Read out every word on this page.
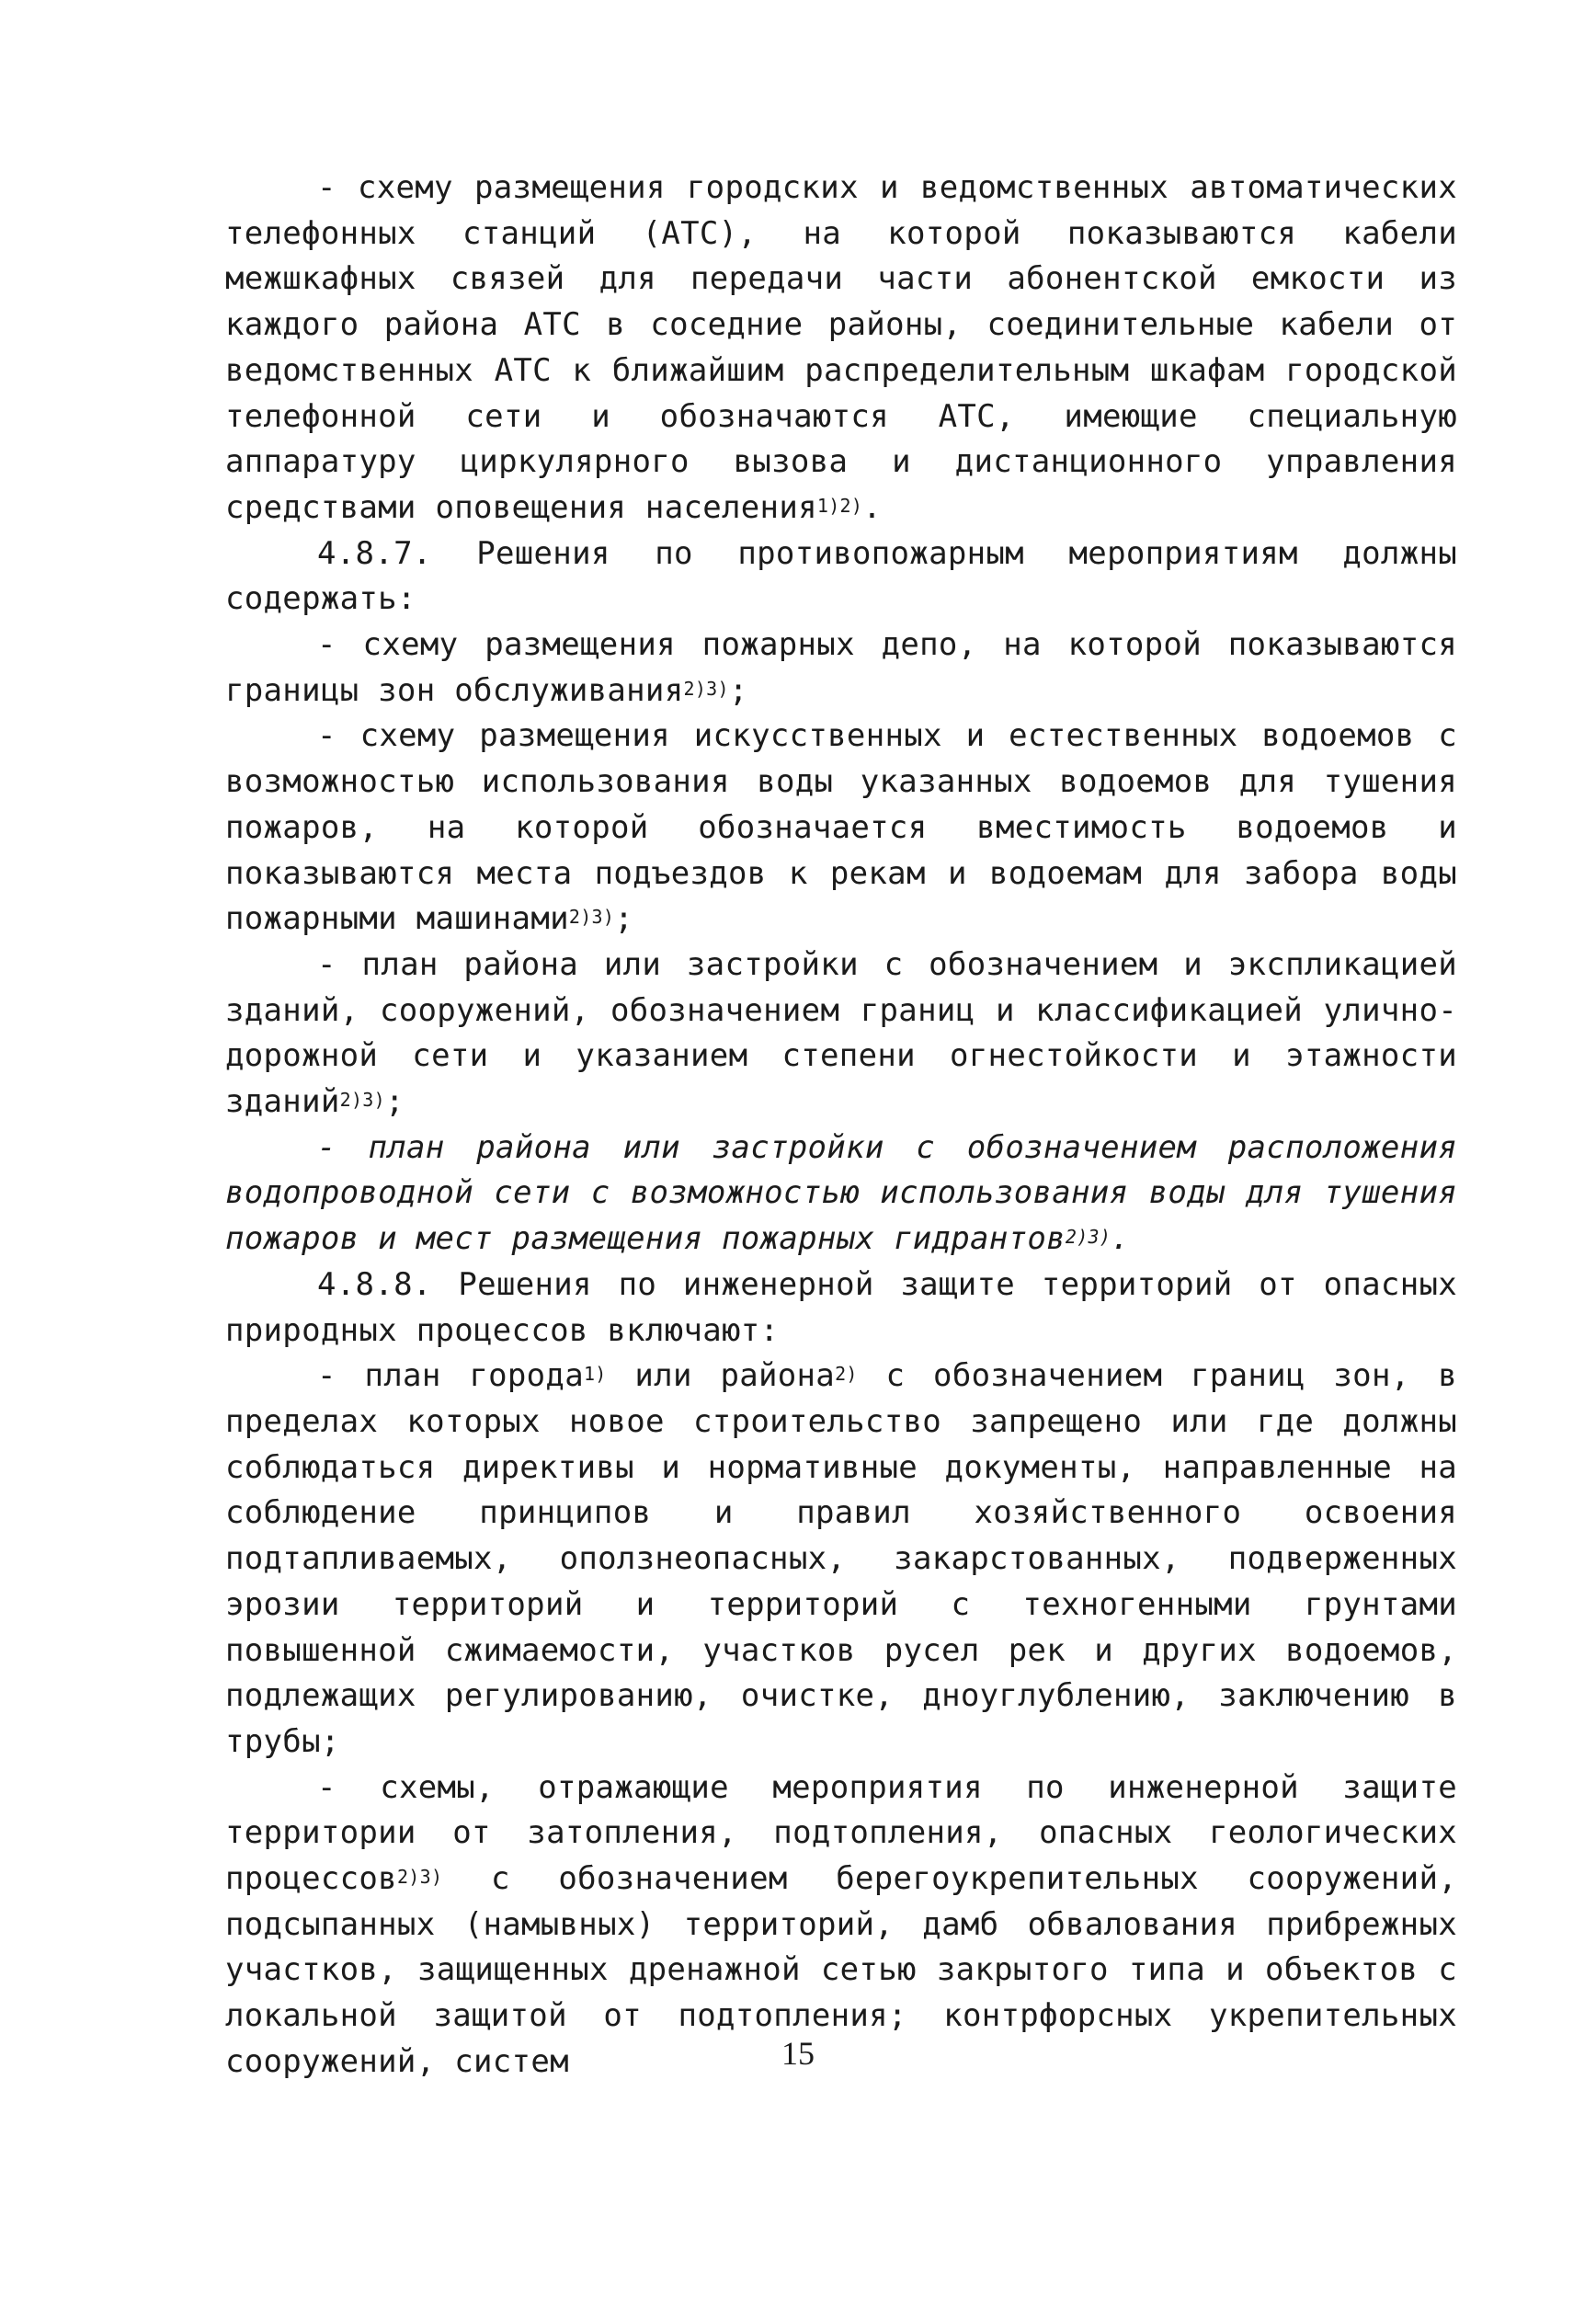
- схему размещения городских и ведомственных автоматических телефонных станций (АТС), на которой показываются кабели межшкафных связей для передачи части абонентской емкости из каждого района АТС в соседние районы, соединительные кабели от ведомственных АТС к ближайшим распределительным шкафам городской телефонной сети и обозначаются АТС, имеющие специальную аппаратуру циркулярного вызова и дистанционного управления средствами оповещения населения$^{1)2)}$.

4.8.7. Решения по противопожарным мероприятиям должны содержать:

- схему размещения пожарных депо, на которой показываются границы зон обслуживания$^{2)3)}$;

- схему размещения искусственных и естественных водоемов с возможностью использования воды указанных водоемов для тушения пожаров, на которой обозначается вместимость водоемов и показываются места подъездов к рекам и водоемам для забора воды пожарными машинами$^{2)3)}$;

- план района или застройки с обозначением и экспликацией зданий, сооружений, обозначением границ и классификацией улично-дорожной сети и указанием степени огнестойкости и этажности зданий$^{2)3)}$;

- план района или застройки с обозначением расположения водопроводной сети с возможностью использования воды для тушения пожаров и мест размещения пожарных гидрантов$^{2)3)}$.

4.8.8. Решения по инженерной защите территорий от опасных природных процессов включают:

- план города$^{1)}$ или района$^{2)}$ с обозначением границ зон, в пределах которых новое строительство запрещено или где должны соблюдаться директивы и нормативные документы, направленные на соблюдение принципов и правил хозяйственного освоения подтапливаемых, оползнеопасных, закарстованных, подверженных эрозии территорий и территорий с техногенными грунтами повышенной сжимаемости, участков русел рек и других водоемов, подлежащих регулированию, очистке, дноуглублению, заключению в трубы;

- схемы, отражающие мероприятия по инженерной защите территории от затопления, подтопления, опасных геологических процессов$^{2)3)}$ с обозначением берегоукрепительных сооружений, подсыпанных (намывных) территорий, дамб обвалования прибрежных участков, защищенных дренажной сетью закрытого типа и объектов с локальной защитой от подтопления; контрфорсных укрепительных сооружений, систем	15
